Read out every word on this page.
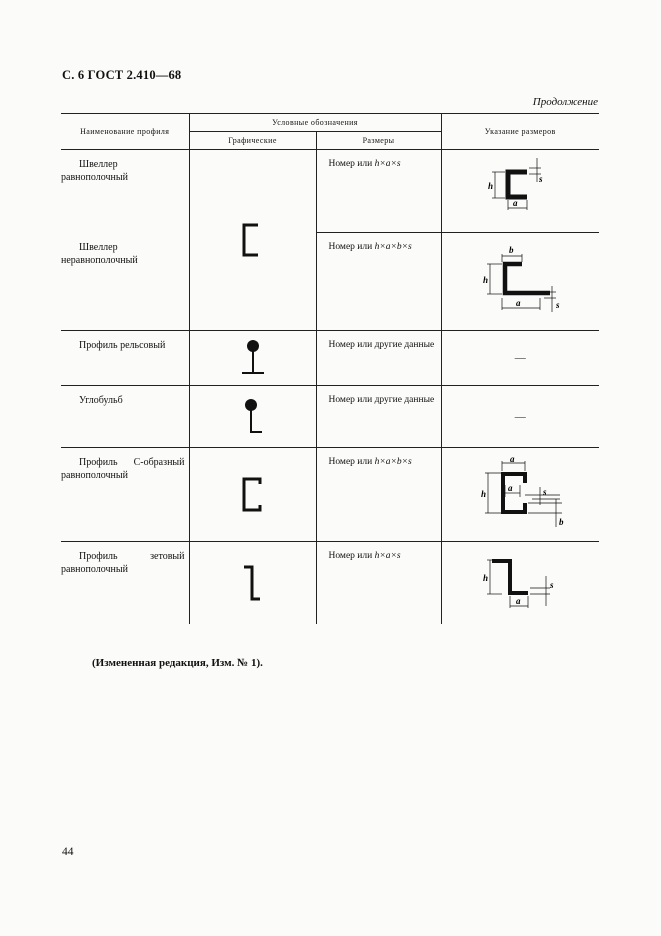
С. 6 ГОСТ 2.410—68
Продолжение
Наименование профиля	Условные обозначения		Указание размеров
	Графические	Размеры	

Швеллер равнополочный		Номер или h×a×s	h
a
s

Швеллер неравнополочный		Номер или h×a×b×s	h
b
a s

Профиль рельсовый		Номер или другие данные	—

Углобульб		Номер или другие данные	—

Профиль С-образный равнополочный		Номер или h×a×b×s	h
a
a s
b

Профиль зетовый равнополочный		Номер или h×a×s	h
a
s
(Измененная редакция, Изм. № 1).
44
